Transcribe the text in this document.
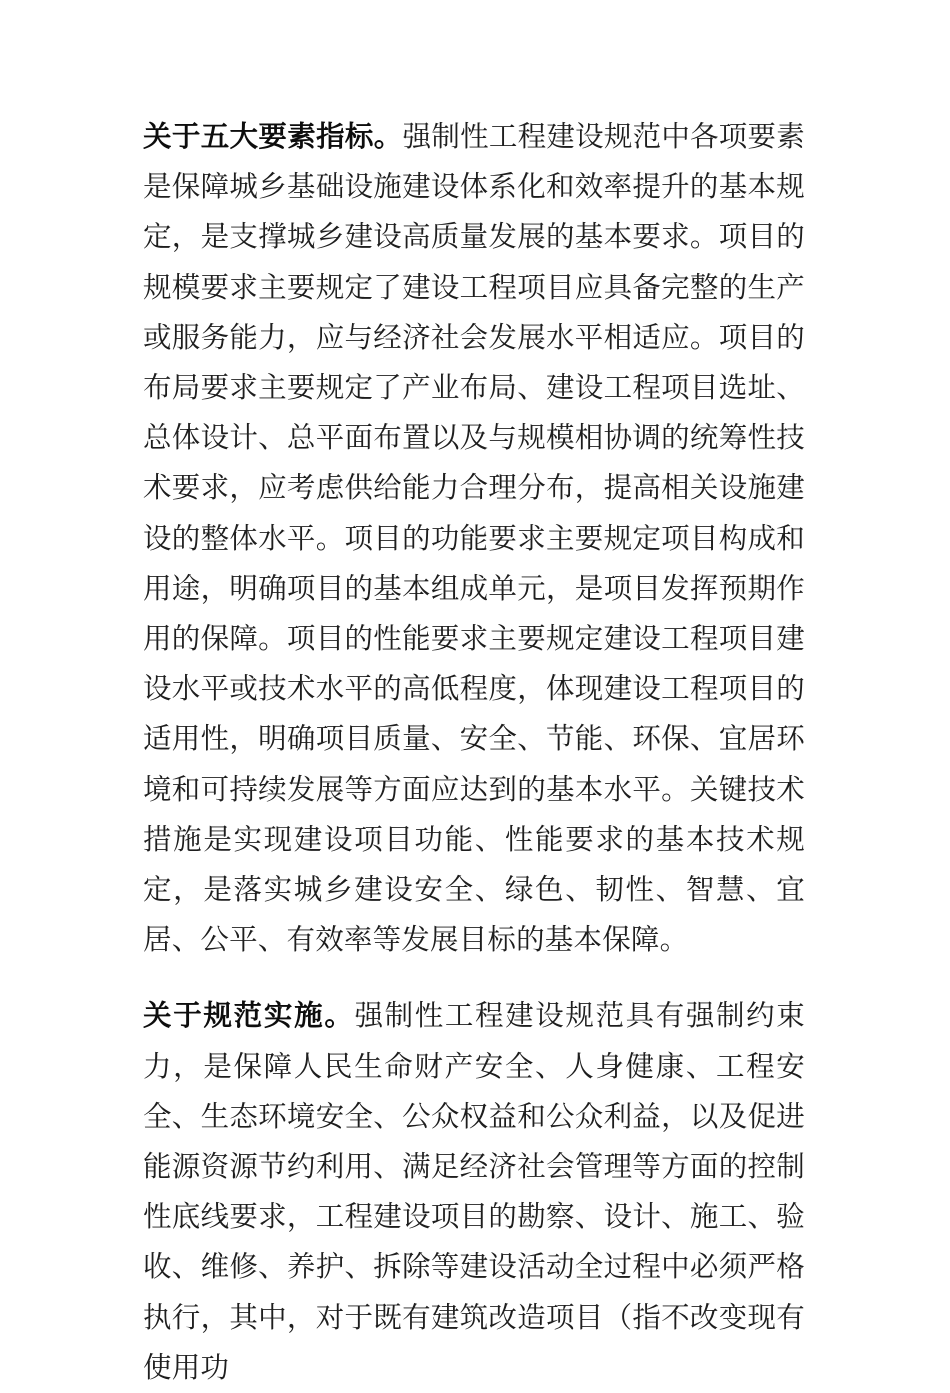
关于五大要素指标。强制性工程建设规范中各项要素是保障城乡基础设施建设体系化和效率提升的基本规定，是支撑城乡建设高质量发展的基本要求。项目的规模要求主要规定了建设工程项目应具备完整的生产或服务能力，应与经济社会发展水平相适应。项目的布局要求主要规定了产业布局、建设工程项目选址、总体设计、总平面布置以及与规模相协调的统筹性技术要求，应考虑供给能力合理分布，提高相关设施建设的整体水平。项目的功能要求主要规定项目构成和用途，明确项目的基本组成单元，是项目发挥预期作用的保障。项目的性能要求主要规定建设工程项目建设水平或技术水平的高低程度，体现建设工程项目的适用性，明确项目质量、安全、节能、环保、宜居环境和可持续发展等方面应达到的基本水平。关键技术措施是实现建设项目功能、性能要求的基本技术规定，是落实城乡建设安全、绿色、韧性、智慧、宜居、公平、有效率等发展目标的基本保障。

关于规范实施。强制性工程建设规范具有强制约束力，是保障人民生命财产安全、人身健康、工程安全、生态环境安全、公众权益和公众利益，以及促进能源资源节约利用、满足经济社会管理等方面的控制性底线要求，工程建设项目的勘察、设计、施工、验收、维修、养护、拆除等建设活动全过程中必须严格执行，其中，对于既有建筑改造项目（指不改变现有使用功
